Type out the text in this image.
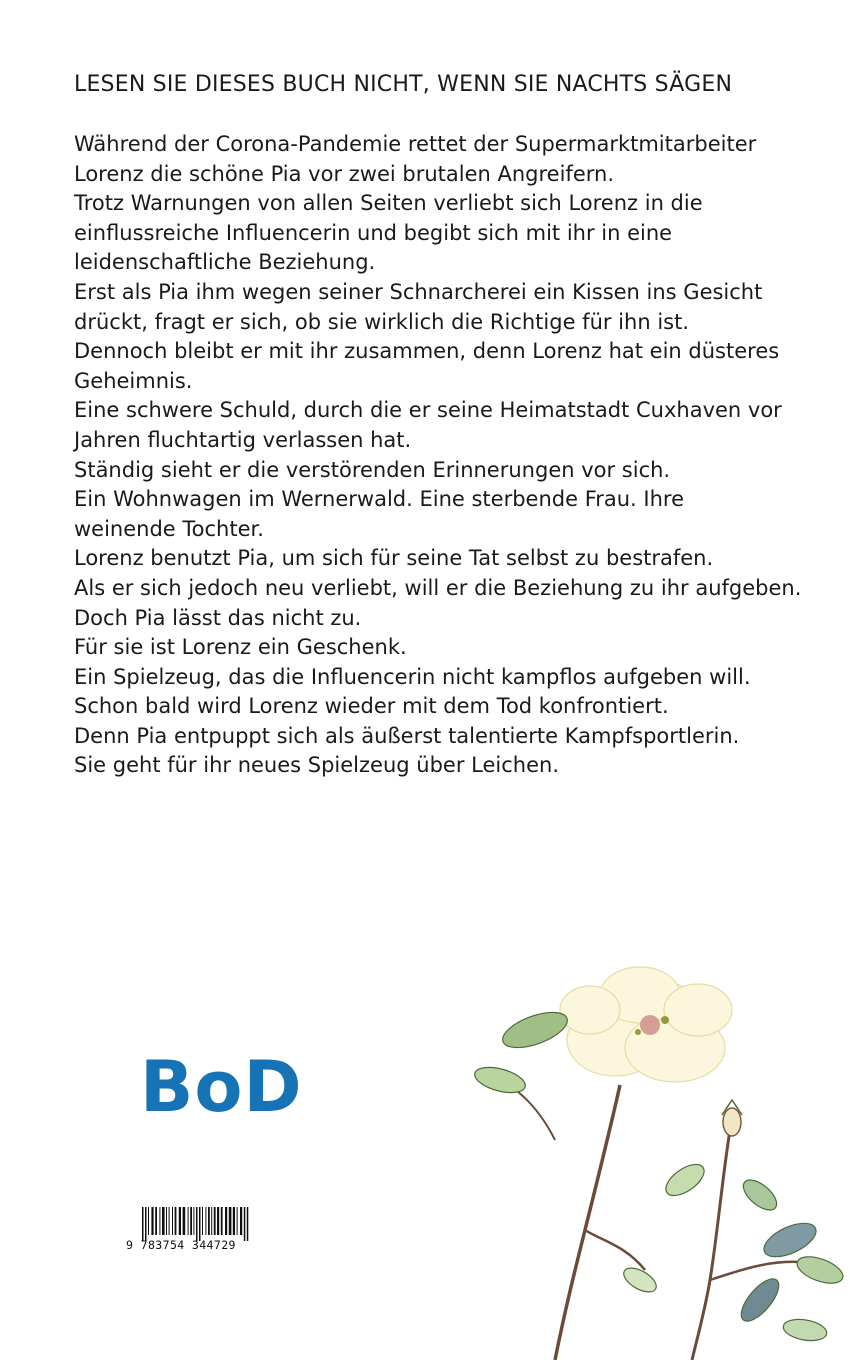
LESEN SIE DIESES BUCH NICHT, WENN SIE NACHTS SÄGEN
Während der Corona-Pandemie rettet der Supermarktmitarbeiter
Lorenz die schöne Pia vor zwei brutalen Angreifern.
Trotz Warnungen von allen Seiten verliebt sich Lorenz in die
einflussreiche Influencerin und begibt sich mit ihr in eine
leidenschaftliche Beziehung.
Erst als Pia ihm wegen seiner Schnarcherei ein Kissen ins Gesicht
drückt, fragt er sich, ob sie wirklich die Richtige für ihn ist.
Dennoch bleibt er mit ihr zusammen, denn Lorenz hat ein düsteres
Geheimnis.
Eine schwere Schuld, durch die er seine Heimatstadt Cuxhaven vor
Jahren fluchtartig verlassen hat.
Ständig sieht er die verstörenden Erinnerungen vor sich.
Ein Wohnwagen im Wernerwald. Eine sterbende Frau. Ihre
weinende Tochter.
Lorenz benutzt Pia, um sich für seine Tat selbst zu bestrafen.
Als er sich jedoch neu verliebt, will er die Beziehung zu ihr aufgeben.
Doch Pia lässt das nicht zu.
Für sie ist Lorenz ein Geschenk.
Ein Spielzeug, das die Influencerin nicht kampflos aufgeben will.
Schon bald wird Lorenz wieder mit dem Tod konfrontiert.
Denn Pia entpuppt sich als äußerst talentierte Kampfsportlerin.
Sie geht für ihr neues Spielzeug über Leichen.
BoD
9 783754 344729
